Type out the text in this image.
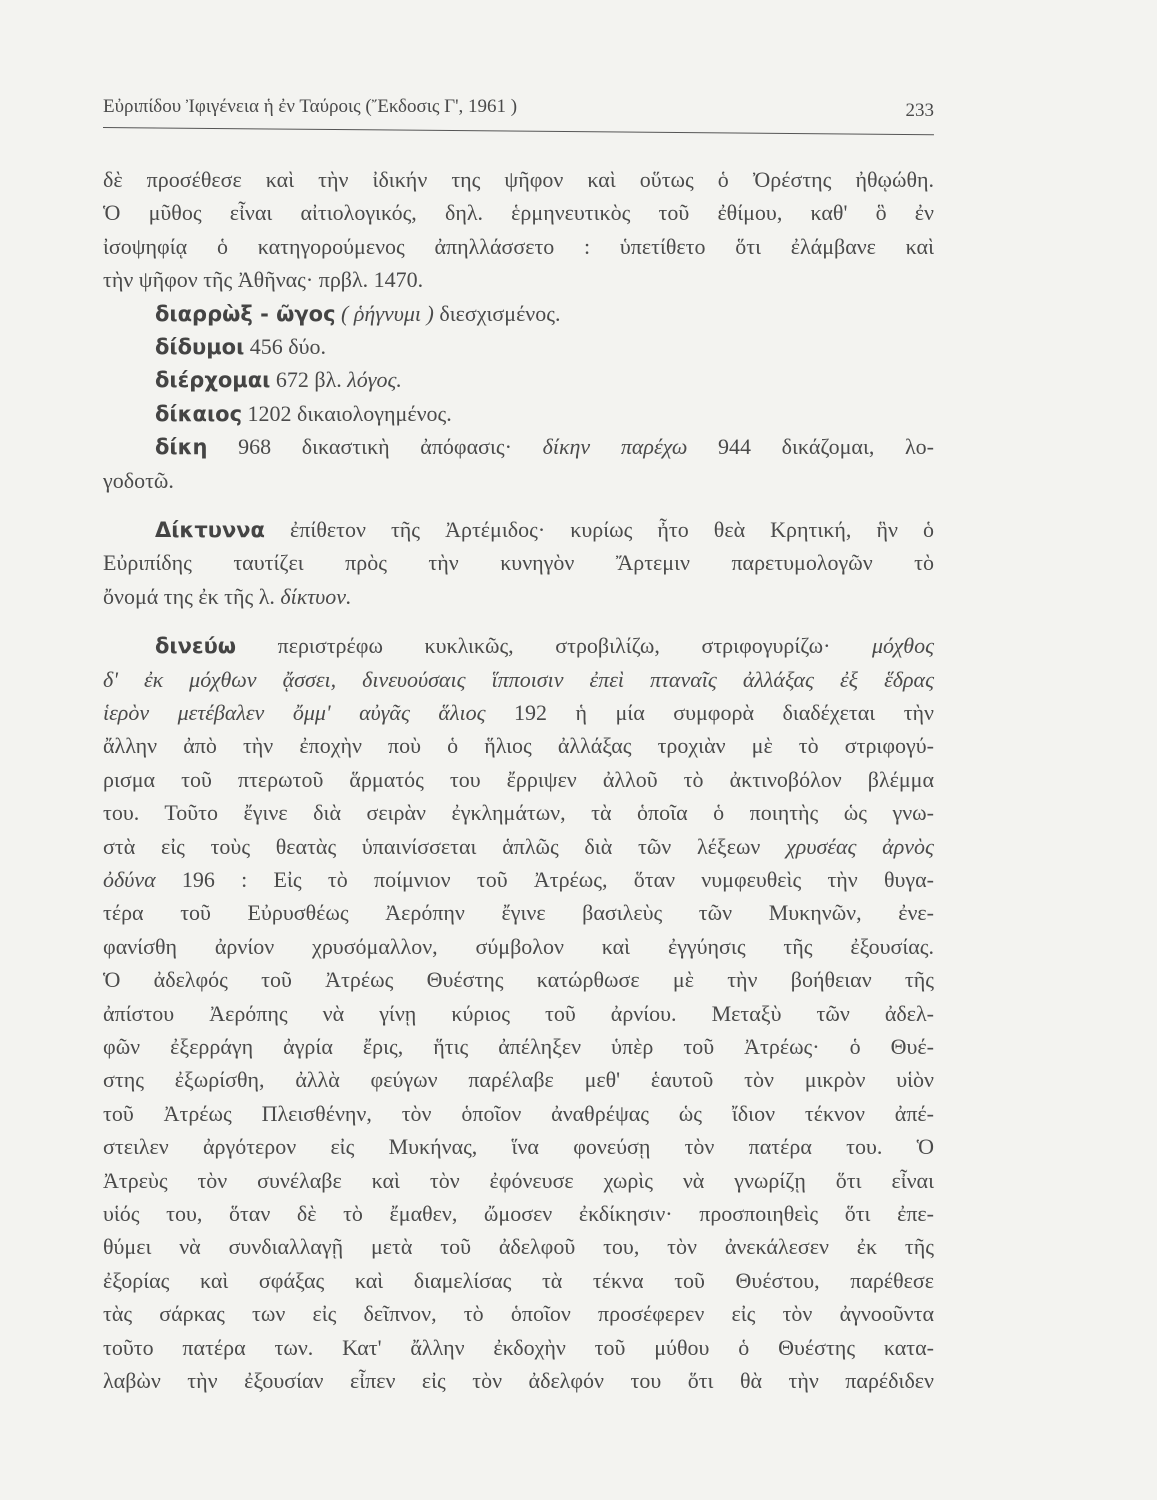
Εὐριπίδου Ἰφιγένεια ἡ ἐν Ταύροις (Ἔκδοσις Γ', 1961 )	233
δὲ προσέθεσε καὶ τὴν ἰδικήν της ψῆφον καὶ οὕτως ὁ Ὀρέστης ἠθῳώθη.
Ὁ μῦθος εἶναι αἰτιολογικός, δηλ. ἑρμηνευτικὸς τοῦ ἐθίμου, καθ' ὃ ἐν
ἰσοψηφίᾳ ὁ κατηγορούμενος ἀπηλλάσσετο : ὑπετίθετο ὅτι ἐλάμβανε καὶ
τὴν ψῆφον τῆς Ἀθῆνας· πρβλ. 1470.
διαρρὼξ - ῶγος ( ῥήγνυμι ) διεσχισμένος.
δίδυμοι 456 δύο.
διέρχομαι 672 βλ. λόγος.
δίκαιος 1202 δικαιολογημένος.
δίκη 968 δικαστικὴ ἀπόφασις· δίκην παρέχω 944 δικάζομαι, λο-
γοδοτῶ.
Δίκτυννα ἐπίθετον τῆς Ἀρτέμιδος· κυρίως ἦτο θεὰ Κρητική, ἣν ὁ
Εὐριπίδης ταυτίζει πρὸς τὴν κυνηγὸν Ἄρτεμιν παρετυμολογῶν τὸ
ὄνομά της ἐκ τῆς λ. δίκτυον.
δινεύω περιστρέφω κυκλικῶς, στροβιλίζω, στριφογυρίζω· μόχθος
δ' ἐκ μόχθων ᾄσσει, δινευούσαις ἵπποισιν ἐπεὶ πταναῖς ἀλλάξας ἐξ ἕδρας
ἱερὸν μετέβαλεν ὄμμ' αὐγᾶς ἅλιος 192 ἡ μία συμφορὰ διαδέχεται τὴν
ἄλλην ἀπὸ τὴν ἐποχὴν ποὺ ὁ ἥλιος ἀλλάξας τροχιὰν μὲ τὸ στριφογύ-
ρισμα τοῦ πτερωτοῦ ἅρματός του ἔρριψεν ἀλλοῦ τὸ ἀκτινοβόλον βλέμμα
του. Τοῦτο ἔγινε διὰ σειρὰν ἐγκλημάτων, τὰ ὁποῖα ὁ ποιητὴς ὡς γνω-
στὰ εἰς τοὺς θεατὰς ὑπαινίσσεται ἁπλῶς διὰ τῶν λέξεων χρυσέας ἀρνὸς
ὀδύνα 196 : Εἰς τὸ ποίμνιον τοῦ Ἀτρέως, ὅταν νυμφευθεὶς τὴν θυγα-
τέρα τοῦ Εὐρυσθέως Ἀερόπην ἔγινε βασιλεὺς τῶν Μυκηνῶν, ἐνε-
φανίσθη ἀρνίον χρυσόμαλλον, σύμβολον καὶ ἐγγύησις τῆς ἐξουσίας.
Ὁ ἀδελφός τοῦ Ἀτρέως Θυέστης κατώρθωσε μὲ τὴν βοήθειαν τῆς
ἀπίστου Ἀερόπης νὰ γίνῃ κύριος τοῦ ἀρνίου. Μεταξὺ τῶν ἀδελ-
φῶν ἐξερράγη ἀγρία ἔρις, ἥτις ἀπέληξεν ὑπὲρ τοῦ Ἀτρέως· ὁ Θυέ-
στης ἐξωρίσθη, ἀλλὰ φεύγων παρέλαβε μεθ' ἑαυτοῦ τὸν μικρὸν υἱὸν
τοῦ Ἀτρέως Πλεισθένην, τὸν ὁποῖον ἀναθρέψας ὡς ἴδιον τέκνον ἀπέ-
στειλεν ἀργότερον εἰς Μυκήνας, ἵνα φονεύσῃ τὸν πατέρα του. Ὁ
Ἀτρεὺς τὸν συνέλαβε καὶ τὸν ἐφόνευσε χωρὶς νὰ γνωρίζῃ ὅτι εἶναι
υἱός του, ὅταν δὲ τὸ ἔμαθεν, ὤμοσεν ἐκδίκησιν· προσποιηθεὶς ὅτι ἐπε-
θύμει νὰ συνδιαλλαγῇ μετὰ τοῦ ἀδελφοῦ του, τὸν ἀνεκάλεσεν ἐκ τῆς
ἐξορίας καὶ σφάξας καὶ διαμελίσας τὰ τέκνα τοῦ Θυέστου, παρέθεσε
τὰς σάρκας των εἰς δεῖπνον, τὸ ὁποῖον προσέφερεν εἰς τὸν ἀγνοοῦντα
τοῦτο πατέρα των. Κατ' ἄλλην ἐκδοχὴν τοῦ μύθου ὁ Θυέστης κατα-
λαβὼν τὴν ἐξουσίαν εἶπεν εἰς τὸν ἀδελφόν του ὅτι θὰ τὴν παρέδιδεν
